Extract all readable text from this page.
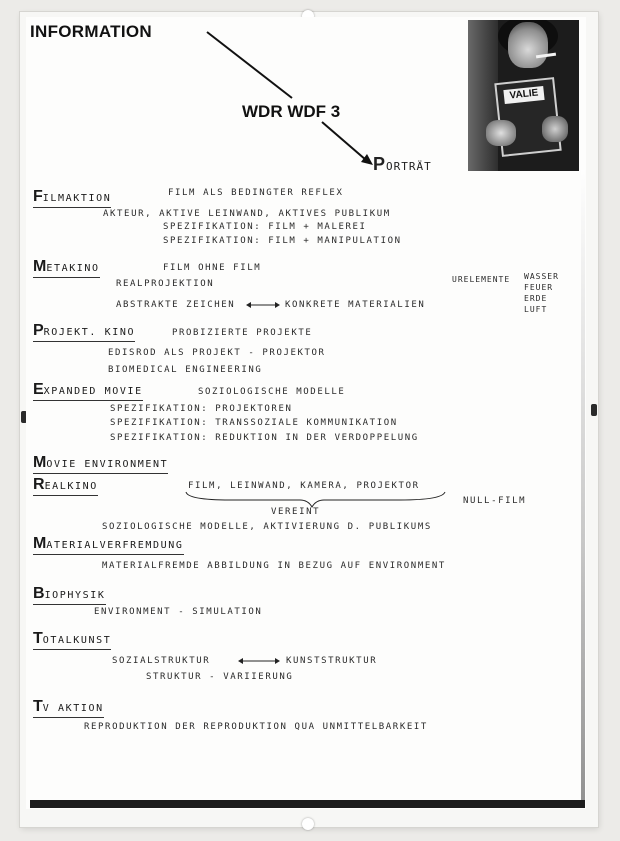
INFORMATION
WDR WDF 3
PORTRÄT
VALIE
FILMAKTION	FILM ALS BEDINGTER REFLEX
AKTEUR, AKTIVE LEINWAND, AKTIVES PUBLIKUM
SPEZIFIKATION: FILM + MALEREI
SPEZIFIKATION: FILM + MANIPULATION
METAKINO	FILM OHNE FILM
REALPROJEKTION
ABSTRAKTE ZEICHEN	KONKRETE MATERIALIEN
URELEMENTE WASSER
FEUER
ERDE
LUFT
PROJEKT. KINO	PROBIZIERTE PROJEKTE
EDISROD ALS PROJEKT - PROJEKTOR
BIOMEDICAL ENGINEERING
EXPANDED MOVIE	SOZIOLOGISCHE MODELLE
SPEZIFIKATION: PROJEKTOREN
SPEZIFIKATION: TRANSSOZIALE KOMMUNIKATION
SPEZIFIKATION: REDUKTION IN DER VERDOPPELUNG
MOVIE ENVIRONMENT
REALKINO	FILM, LEINWAND, KAMERA, PROJEKTOR
VEREINT
NULL-FILM
SOZIOLOGISCHE MODELLE, AKTIVIERUNG D. PUBLIKUMS
MATERIALVERFREMDUNG
MATERIALFREMDE ABBILDUNG IN BEZUG AUF ENVIRONMENT
BIOPHYSIK
ENVIRONMENT - SIMULATION
TOTALKUNST
SOZIALSTRUKTUR	KUNSTSTRUKTUR
STRUKTUR - VARIIERUNG
TV AKTION
REPRODUKTION DER REPRODUKTION QUA UNMITTELBARKEIT
